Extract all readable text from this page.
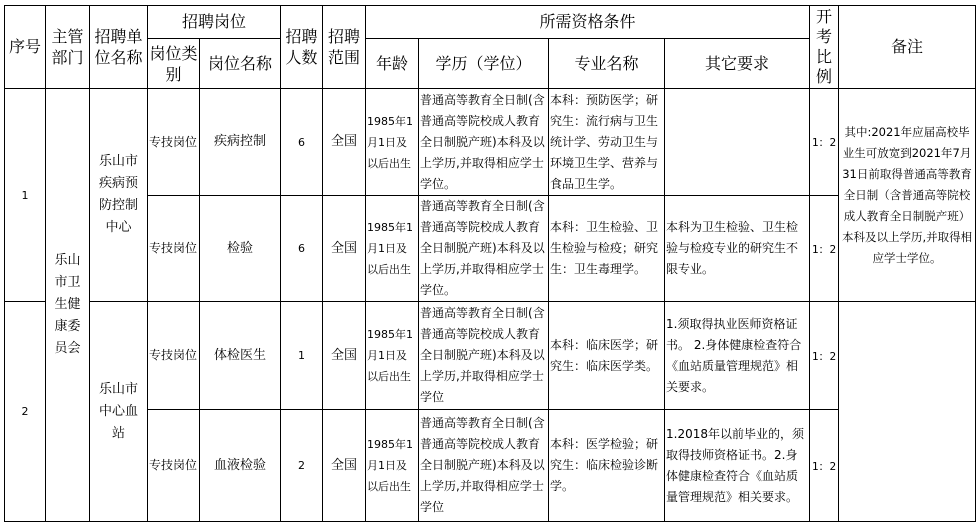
序号	主管部门	招聘单位名称	招聘岗位		招聘人数	招聘范围	所需资格条件				开考比例	备注
			岗位类别	岗位名称			年龄	学历（学位）	专业名称	其它要求		
1	乐山市卫生健康委员会	乐山市疾病预防控制中心	专技岗位	疾病控制	6	全国	1985年1月1日及以后出生	普通高等教育全日制(含普通高等院校成人教育全日制脱产班)本科及以上学历,并取得相应学士学位。	本科：预防医学；研究生：流行病与卫生统计学、劳动卫生与环境卫生学、营养与食品卫生学。		1：2	其中:2021年应届高校毕业生可放宽到2021年7月31日前取得普通高等教育全日制（含普通高等院校成人教育全日制脱产班）本科及以上学历,并取得相应学士学位。
			专技岗位	检验	6	全国	1985年1月1日及以后出生	普通高等教育全日制(含普通高等院校成人教育全日制脱产班)本科及以上学历,并取得相应学士学位。	本科：卫生检验、卫生检验与检疫；研究生：卫生毒理学。	本科为卫生检验、卫生检验与检疫专业的研究生不限专业。	1：2	
2		乐山市中心血站	专技岗位	体检医生	1	全国	1985年1月1日及以后出生	普通高等教育全日制(含普通高等院校成人教育全日制脱产班)本科及以上学历,并取得相应学士学位	本科：临床医学；研究生：临床医学类。	1.须取得执业医师资格证书。 2.身体健康检查符合《血站质量管理规范》相关要求。	1：2	
			专技岗位	血液检验	2	全国	1985年1月1日及以后出生	普通高等教育全日制(含普通高等院校成人教育全日制脱产班)本科及以上学历,并取得相应学士学位	本科：医学检验；研究生：临床检验诊断学。	1.2018年以前毕业的，须取得技师资格证书。2.身体健康检查符合《血站质量管理规范》相关要求。	1：2	
